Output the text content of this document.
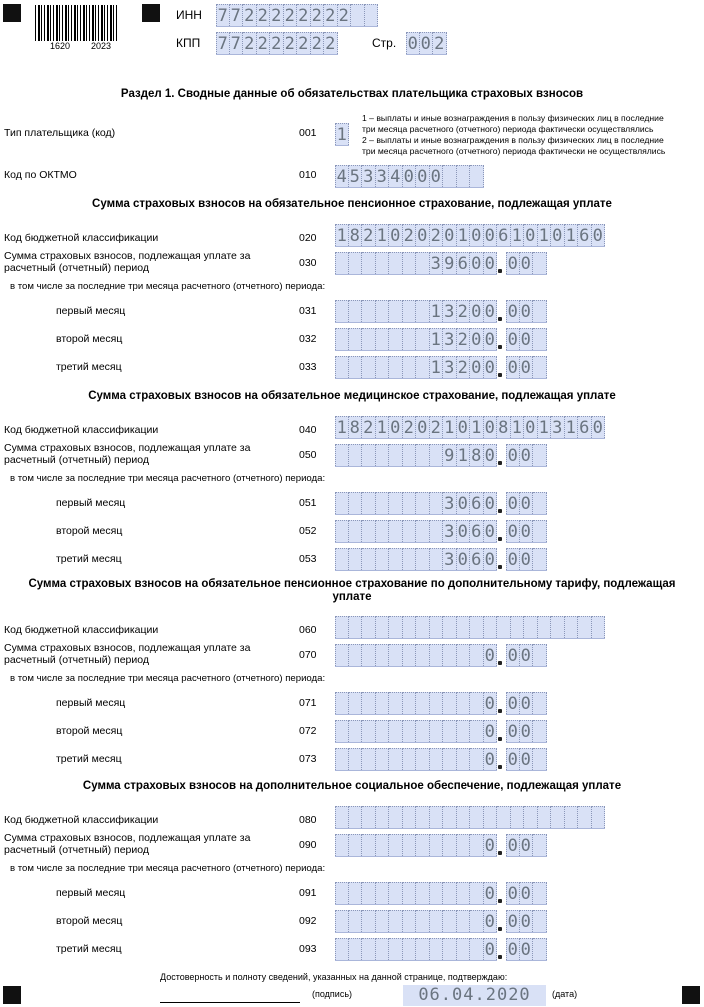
1620 2023
ИНН 7 7 2 2 2 2 2 2 2 2
КПП 7 7 2 2 2 2 2 2 2	Стр. 0 0 2
Раздел 1. Сводные данные об обязательствах плательщика страховых взносов
Тип плательщика (код)	001 1
1 – выплаты и иные вознаграждения в пользу физических лиц в последние
три месяца расчетного (отчетного) периода фактически осуществлялись
2 – выплаты и иные вознаграждения в пользу физических лиц в последние
три месяца расчетного (отчетного) периода фактически не осуществлялись
Код по ОКТМО	010 4 5 3 3 4 0 0 0
Сумма страховых взносов на обязательное пенсионное страхование, подлежащая уплате
Код бюджетной классификации	020 1 8 2 1 0 2 0 2 0 1 0 0 6 1 0 1 0 1 6 0
Сумма страховых взносов, подлежащая уплате за
расчетный (отчетный) период	030	3 9 6 0 0 0 0
в том числе за последние три месяца расчетного (отчетного) периода:
первый месяц	031	1 3 2 0 0 0 0
второй месяц	032	1 3 2 0 0 0 0
третий месяц	033	1 3 2 0 0 0 0
Сумма страховых взносов на обязательное медицинское страхование, подлежащая уплате
Код бюджетной классификации	040 1 8 2 1 0 2 0 2 1 0 1 0 8 1 0 1 3 1 6 0
Сумма страховых взносов, подлежащая уплате за
расчетный (отчетный) период	050	9 1 8 0 0 0
в том числе за последние три месяца расчетного (отчетного) периода:
первый месяц	051	3 0 6 0 0 0
второй месяц	052	3 0 6 0 0 0
третий месяц	053	3 0 6 0 0 0
Сумма страховых взносов на обязательное пенсионное страхование по дополнительному тарифу, подлежащая
уплате
Код бюджетной классификации	060
Сумма страховых взносов, подлежащая уплате за
расчетный (отчетный) период	070	0 0 0
в том числе за последние три месяца расчетного (отчетного) периода:
первый месяц	071	0 0 0
второй месяц	072	0 0 0
третий месяц	073	0 0 0
Сумма страховых взносов на дополнительное социальное обеспечение, подлежащая уплате
Код бюджетной классификации	080
Сумма страховых взносов, подлежащая уплате за
расчетный (отчетный) период	090	0 0 0
в том числе за последние три месяца расчетного (отчетного) периода:
первый месяц	091	0 0 0
второй месяц	092	0 0 0
третий месяц	093	0 0 0
Достоверность и полноту сведений, указанных на данной странице, подтверждаю:
(подпись)	06.04.2020	(дата)
